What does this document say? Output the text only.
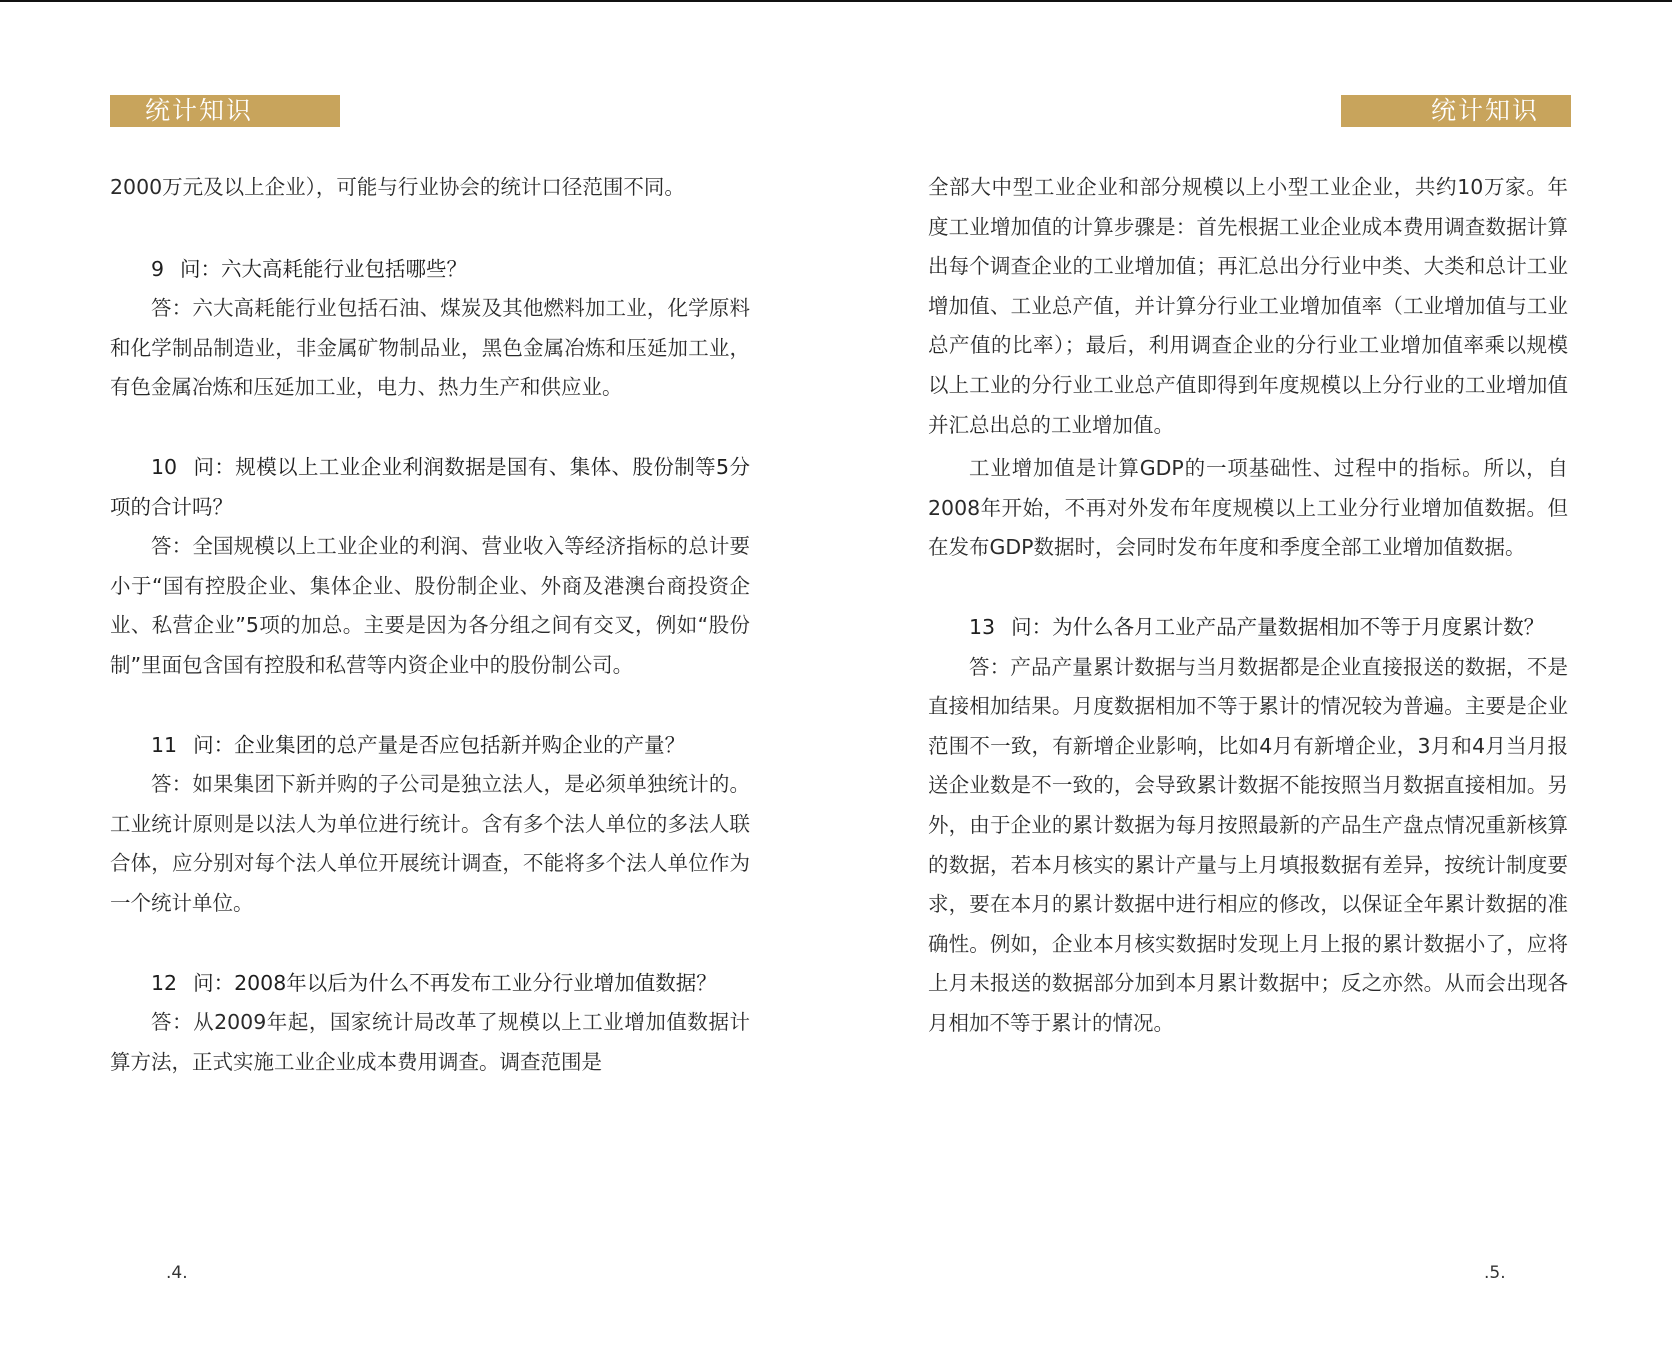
统计知识

2000万元及以上企业），可能与行业协会的统计口径范围不同。

9 问：六大高耗能行业包括哪些？

答：六大高耗能行业包括石油、煤炭及其他燃料加工业，化学原料和化学制品制造业，非金属矿物制品业，黑色金属冶炼和压延加工业，有色金属冶炼和压延加工业，电力、热力生产和供应业。

10 问：规模以上工业企业利润数据是国有、集体、股份制等5分项的合计吗？

答：全国规模以上工业企业的利润、营业收入等经济指标的总计要小于“国有控股企业、集体企业、股份制企业、外商及港澳台商投资企业、私营企业”5项的加总。主要是因为各分组之间有交叉，例如“股份制”里面包含国有控股和私营等内资企业中的股份制公司。

11 问：企业集团的总产量是否应包括新并购企业的产量？

答：如果集团下新并购的子公司是独立法人，是必须单独统计的。工业统计原则是以法人为单位进行统计。含有多个法人单位的多法人联合体，应分别对每个法人单位开展统计调查，不能将多个法人单位作为一个统计单位。

12 问：2008年以后为什么不再发布工业分行业增加值数据？

答：从2009年起，国家统计局改革了规模以上工业增加值数据计算方法，正式实施工业企业成本费用调查。调查范围是

.4.
统计知识

全部大中型工业企业和部分规模以上小型工业企业，共约10万家。年度工业增加值的计算步骤是：首先根据工业企业成本费用调查数据计算出每个调查企业的工业增加值；再汇总出分行业中类、大类和总计工业增加值、工业总产值，并计算分行业工业增加值率（工业增加值与工业总产值的比率）；最后，利用调查企业的分行业工业增加值率乘以规模以上工业的分行业工业总产值即得到年度规模以上分行业的工业增加值并汇总出总的工业增加值。

工业增加值是计算GDP的一项基础性、过程中的指标。所以，自2008年开始，不再对外发布年度规模以上工业分行业增加值数据。但在发布GDP数据时，会同时发布年度和季度全部工业增加值数据。

13 问：为什么各月工业产品产量数据相加不等于月度累计数？

答：产品产量累计数据与当月数据都是企业直接报送的数据，不是直接相加结果。月度数据相加不等于累计的情况较为普遍。主要是企业范围不一致，有新增企业影响，比如4月有新增企业，3月和4月当月报送企业数是不一致的，会导致累计数据不能按照当月数据直接相加。另外，由于企业的累计数据为每月按照最新的产品生产盘点情况重新核算的数据，若本月核实的累计产量与上月填报数据有差异，按统计制度要求，要在本月的累计数据中进行相应的修改，以保证全年累计数据的准确性。例如，企业本月核实数据时发现上月上报的累计数据小了，应将上月未报送的数据部分加到本月累计数据中；反之亦然。从而会出现各月相加不等于累计的情况。

.5.
